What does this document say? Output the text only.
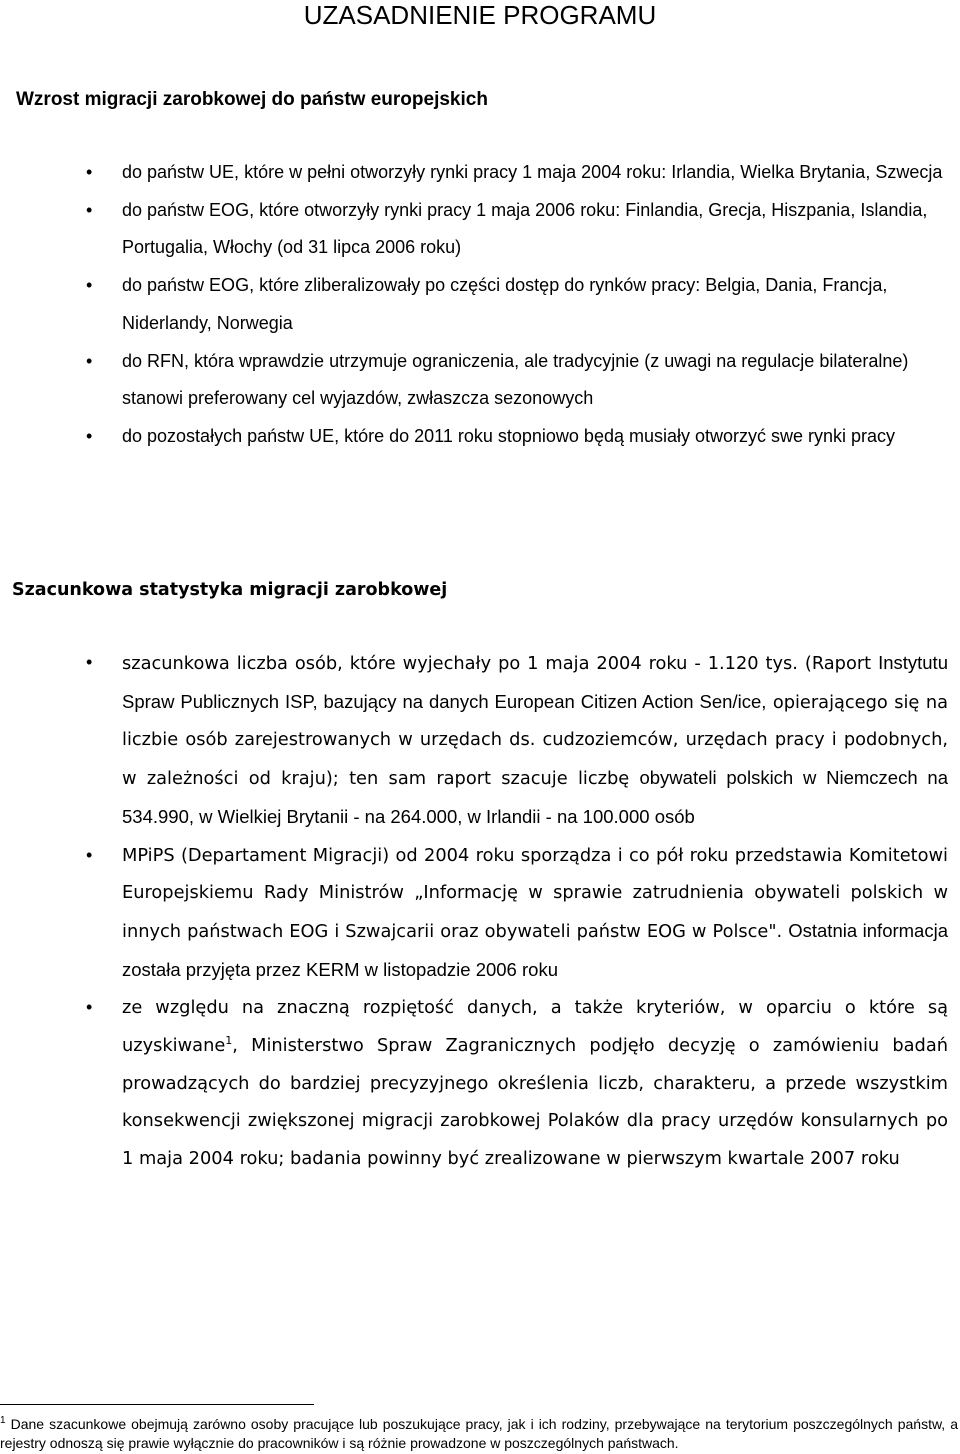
UZASADNIENIE PROGRAMU
Wzrost migracji zarobkowej do państw europejskich
• do państw UE, które w pełni otworzyły rynki pracy 1 maja 2004 roku: Irlandia, Wielka Brytania, Szwecja
• do państw EOG, które otworzyły rynki pracy 1 maja 2006 roku: Finlandia, Grecja, Hiszpania, Islandia, Portugalia, Włochy (od 31 lipca 2006 roku)
• do państw EOG, które zliberalizowały po części dostęp do rynków pracy: Belgia, Dania, Francja, Niderlandy, Norwegia
• do RFN, która wprawdzie utrzymuje ograniczenia, ale tradycyjnie (z uwagi na regulacje bilateralne) stanowi preferowany cel wyjazdów, zwłaszcza sezonowych
• do pozostałych państw UE, które do 2011 roku stopniowo będą musiały otworzyć swe rynki pracy
Szacunkowa statystyka migracji zarobkowej
• szacunkowa liczba osób, które wyjechały po 1 maja 2004 roku - 1.120 tys. (Raport Instytutu Spraw Publicznych ISP, bazujący na danych European Citizen Action Sen/ice, opierającego się na liczbie osób zarejestrowanych w urzędach ds. cudzoziemców, urzędach pracy i podobnych, w zależności od kraju); ten sam raport szacuje liczbę obywateli polskich w Niemczech na 534.990, w Wielkiej Brytanii - na 264.000, w Irlandii - na 100.000 osób
• MPiPS (Departament Migracji) od 2004 roku sporządza i co pół roku przedstawia Komitetowi Europejskiemu Rady Ministrów „Informację w sprawie zatrudnienia obywateli polskich w innych państwach EOG i Szwajcarii oraz obywateli państw EOG w Polsce". Ostatnia informacja została przyjęta przez KERM w listopadzie 2006 roku
• ze względu na znaczną rozpiętość danych, a także kryteriów, w oparciu o które są uzyskiwane$^1$, Ministerstwo Spraw Zagranicznych podjęło decyzję o zamówieniu badań prowadzących do bardziej precyzyjnego określenia liczb, charakteru, a przede wszystkim konsekwencji zwiększonej migracji zarobkowej Polaków dla pracy urzędów konsularnych po 1 maja 2004 roku; badania powinny być zrealizowane w pierwszym kwartale 2007 roku

$^1$ Dane szacunkowe obejmują zarówno osoby pracujące lub poszukujące pracy, jak i ich rodziny, przebywające na terytorium poszczególnych państw, a rejestry odnoszą się prawie wyłącznie do pracowników i są różnie prowadzone w poszczególnych państwach.
